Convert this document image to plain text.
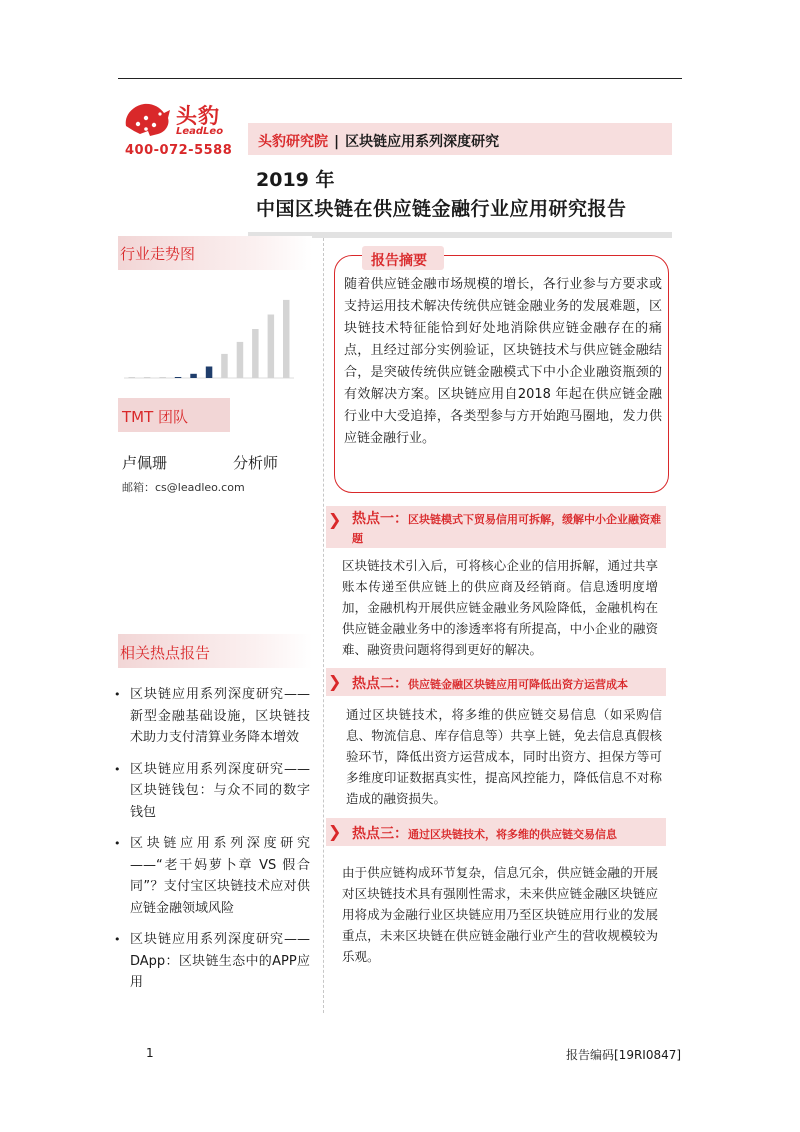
头豹
LeadLeo
400-072-5588
头豹研究院 | 区块链应用系列深度研究
2019 年
中国区块链在供应链金融行业应用研究报告
行业走势图
TMT 团队
卢佩珊	分析师
邮箱：cs@leadleo.com
相关热点报告
• 区块链应用系列深度研究——新型金融基础设施，区块链技术助力支付清算业务降本增效
• 区块链应用系列深度研究——区块链钱包：与众不同的数字钱包
• 区块链应用系列深度研究——“老干妈萝卜章 VS 假合同”？支付宝区块链技术应对供应链金融领域风险
• 区块链应用系列深度研究——DApp：区块链生态中的APP应用
报告摘要
随着供应链金融市场规模的增长，各行业参与方要求或支持运用技术解决传统供应链金融业务的发展难题，区块链技术特征能恰到好处地消除供应链金融存在的痛点，且经过部分实例验证，区块链技术与供应链金融结合，是突破传统供应链金融模式下中小企业融资瓶颈的有效解决方案。区块链应用自2018 年起在供应链金融行业中大受追捧，各类型参与方开始跑马圈地，发力供应链金融行业。
❯ 热点一：区块链模式下贸易信用可拆解，缓解中小企业融资难题
区块链技术引入后，可将核心企业的信用拆解，通过共享账本传递至供应链上的供应商及经销商。信息透明度增加，金融机构开展供应链金融业务风险降低，金融机构在供应链金融业务中的渗透率将有所提高，中小企业的融资难、融资贵问题将得到更好的解决。
❯ 热点二：供应链金融区块链应用可降低出资方运营成本
通过区块链技术，将多维的供应链交易信息（如采购信息、物流信息、库存信息等）共享上链，免去信息真假核验环节，降低出资方运营成本，同时出资方、担保方等可多维度印证数据真实性，提高风控能力，降低信息不对称造成的融资损失。
❯ 热点三：通过区块链技术，将多维的供应链交易信息
由于供应链构成环节复杂，信息冗余，供应链金融的开展对区块链技术具有强刚性需求，未来供应链金融区块链应用将成为金融行业区块链应用乃至区块链应用行业的发展重点，未来区块链在供应链金融行业产生的营收规模较为乐观。
1	报告编码[19RI0847]
